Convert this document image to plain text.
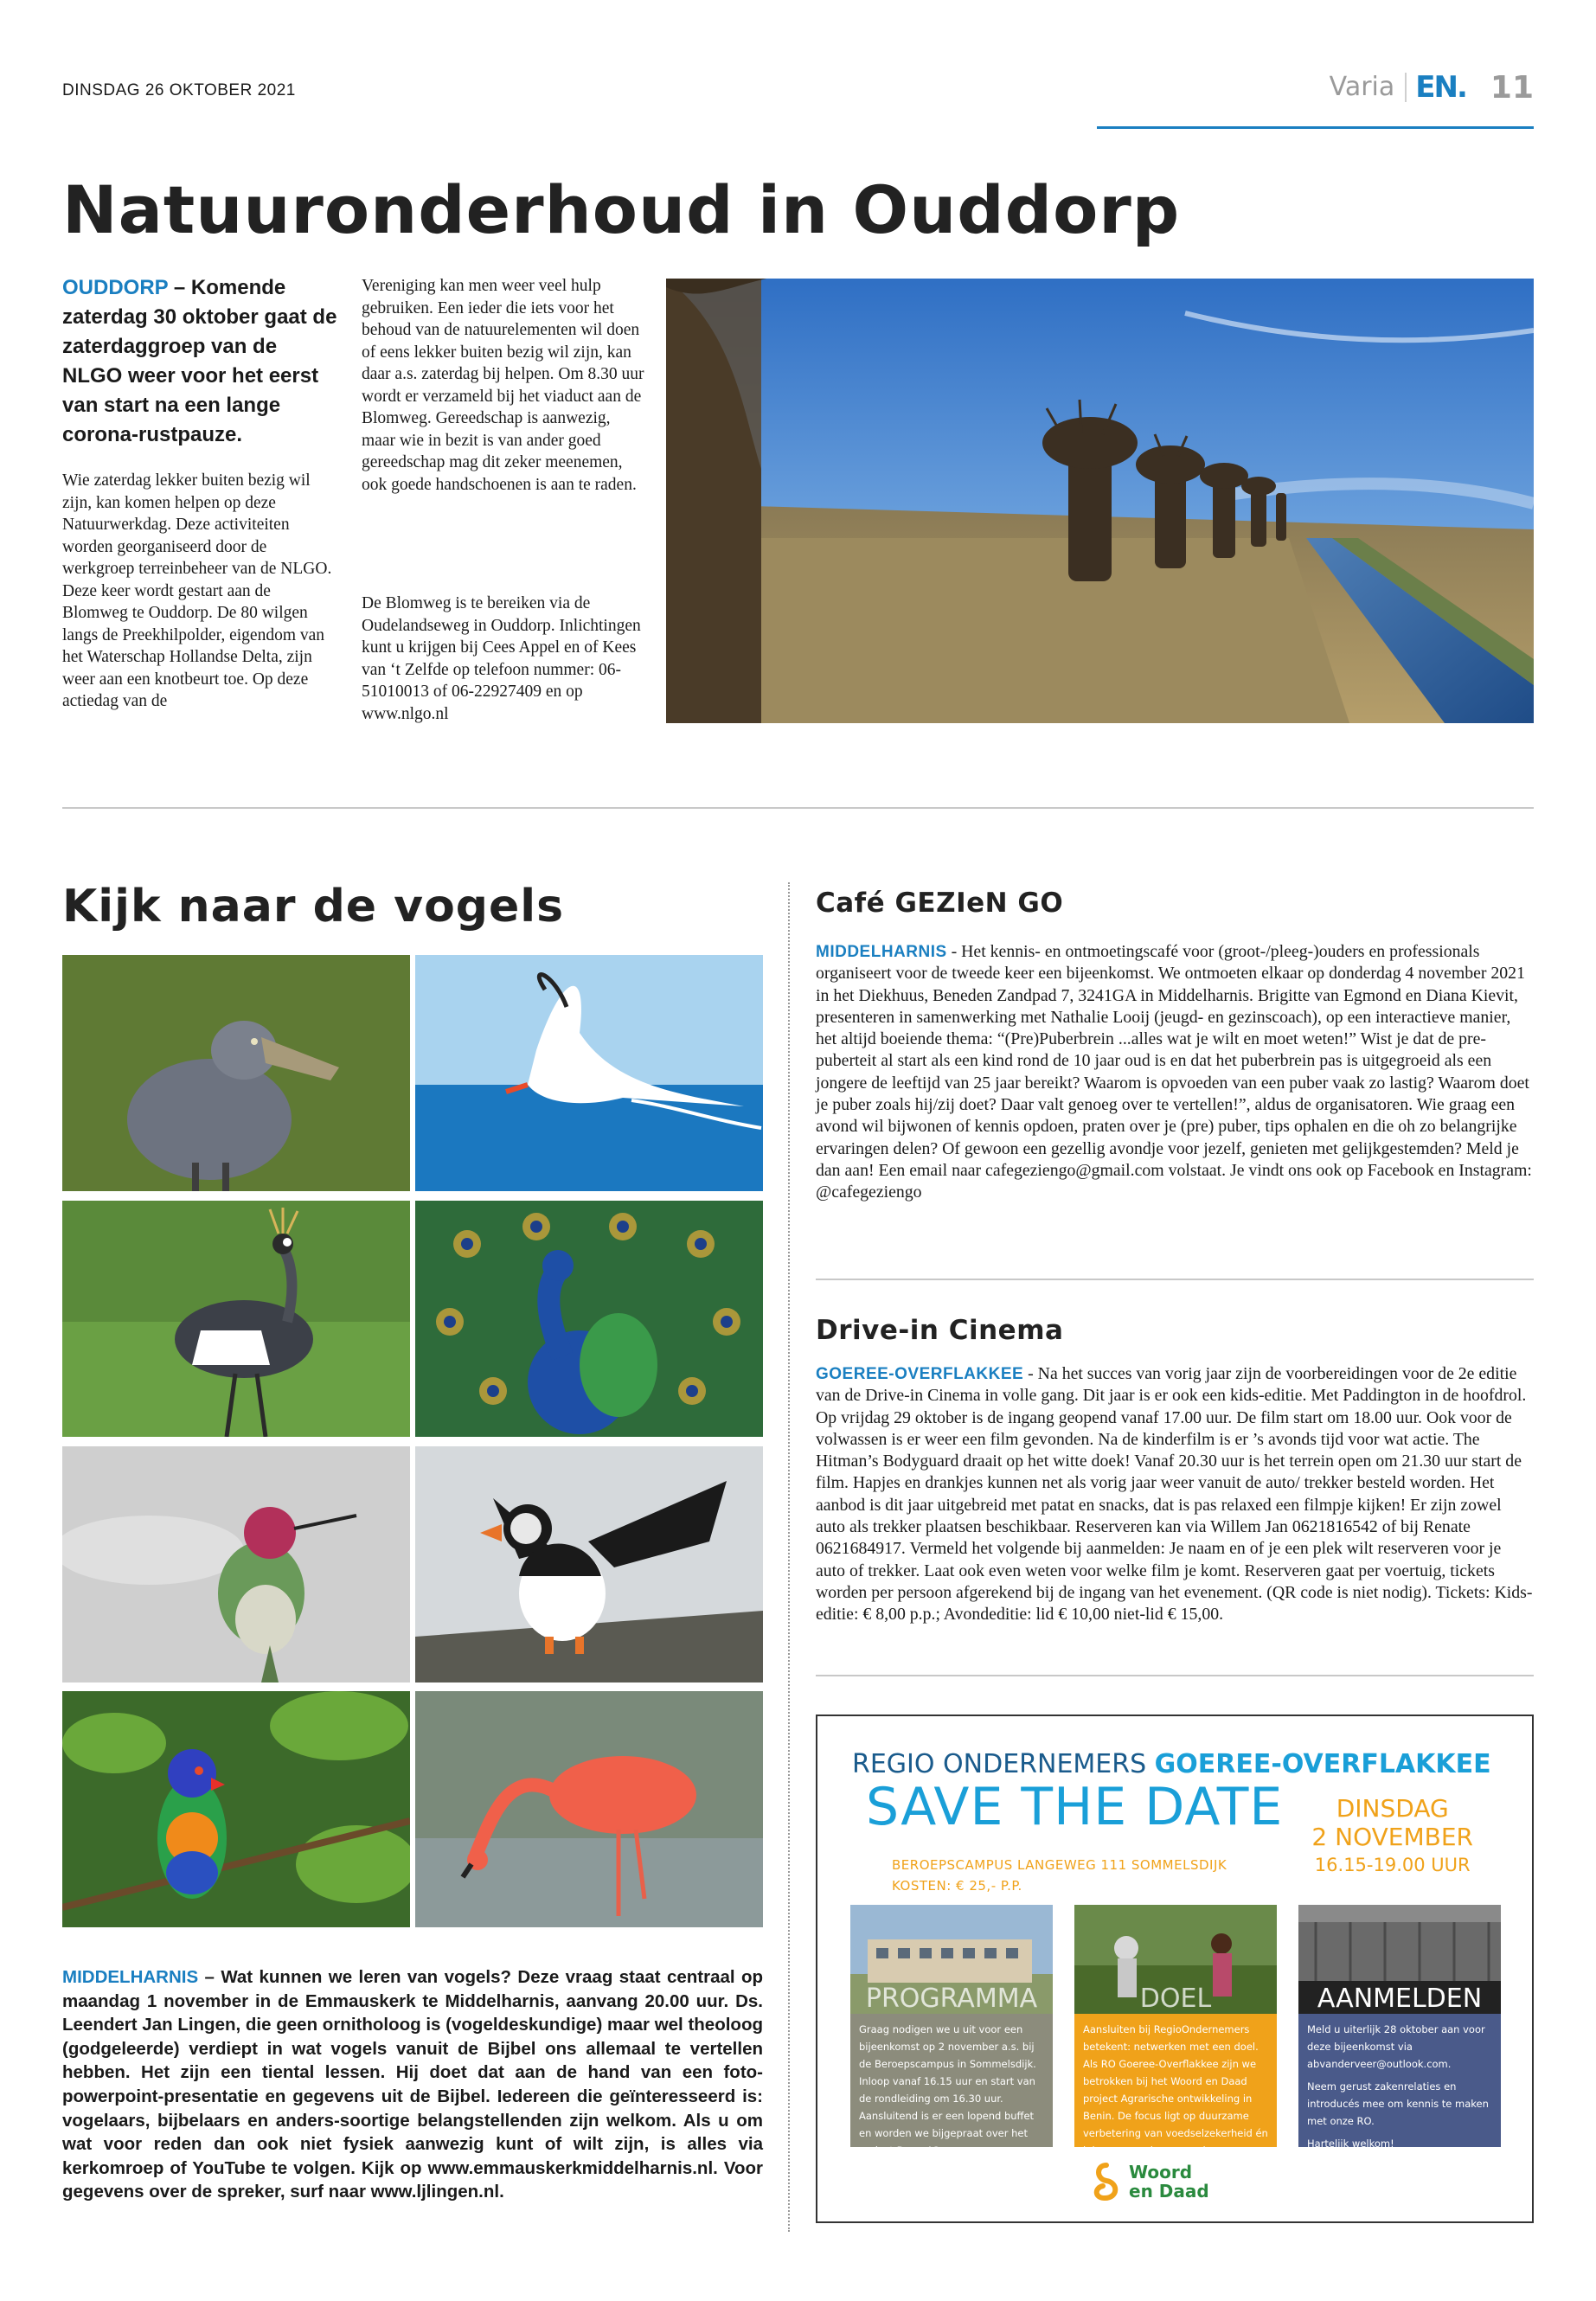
DINSDAG 26 OKTOBER 2021	Varia EN. 11
Natuuronderhoud in Ouddorp
OUDDORP – Komende zaterdag 30 oktober gaat de zaterdaggroep van de NLGO weer voor het eerst van start na een lange corona-rustpauze.

Wie zaterdag lekker buiten bezig wil zijn, kan komen helpen op deze Natuurwerkdag. Deze activiteiten worden georganiseerd door de werkgroep terreinbeheer van de NLGO. Deze keer wordt gestart aan de Blomweg te Ouddorp. De 80 wilgen langs de Preekhilpolder, eigendom van het Waterschap Hollandse Delta, zijn weer aan een knotbeurt toe. Op deze actiedag van de

Vereniging kan men weer veel hulp gebruiken. Een ieder die iets voor het behoud van de natuurelementen wil doen of eens lekker buiten bezig wil zijn, kan daar a.s. zaterdag bij helpen. Om 8.30 uur wordt er verzameld bij het viaduct aan de Blomweg. Gereedschap is aanwezig, maar wie in bezit is van ander goed gereedschap mag dit zeker meenemen, ook goede handschoenen is aan te raden.

De Blomweg is te bereiken via de Oudelandseweg in Ouddorp. Inlichtingen kunt u krijgen bij Cees Appel en of Kees van ‘t Zelfde op telefoon nummer: 06-51010013 of 06-22927409 en op www.nlgo.nl

Kijk naar de vogels
MIDDELHARNIS – Wat kunnen we leren van vogels? Deze vraag staat centraal op maandag 1 november in de Emmauskerk te Middelharnis, aanvang 20.00 uur. Ds. Leendert Jan Lingen, die geen ornitholoog is (vogeldeskundige) maar wel theoloog (godgeleerde) verdiept in wat vogels vanuit de Bijbel ons allemaal te vertellen hebben. Het zijn een tiental lessen. Hij doet dat aan de hand van een foto-powerpoint-presentatie en gegevens uit de Bijbel. Iedereen die geïnteresseerd is: vogelaars, bijbelaars en anders-soortige belangstellenden zijn welkom. Als u om wat voor reden dan ook niet fysiek aanwezig kunt of wilt zijn, is alles via kerkomroep of YouTube te volgen. Kijk op www.emmauskerkmiddelharnis.nl. Voor gegevens over de spreker, surf naar www.ljlingen.nl.
Café GEZIeN GO

MIDDELHARNIS - Het kennis- en ontmoetingscafé voor (groot-/pleeg-)ouders en professionals organiseert voor de tweede keer een bijeenkomst. We ontmoeten elkaar op donderdag 4 november 2021 in het Diekhuus, Beneden Zandpad 7, 3241GA in Middelharnis. Brigitte van Egmond en Diana Kievit, presenteren in samenwerking met Nathalie Looij (jeugd- en gezinscoach), op een interactieve manier, het altijd boeiende thema: “(Pre)Puberbrein ...alles wat je wilt en moet weten!” Wist je dat de pre-puberteit al start als een kind rond de 10 jaar oud is en dat het puberbrein pas is uitgegroeid als een jongere de leeftijd van 25 jaar bereikt? Waarom is opvoeden van een puber vaak zo lastig? Waarom doet je puber zoals hij/zij doet? Daar valt genoeg over te vertellen!”, aldus de organisatoren. Wie graag een avond wil bijwonen of kennis opdoen, praten over je (pre) puber, tips ophalen en die oh zo belangrijke ervaringen delen? Of gewoon een gezellig avondje voor jezelf, genieten met gelijkgestemden? Meld je dan aan! Een email naar cafegeziengo@gmail.com volstaat. Je vindt ons ook op Facebook en Instagram: @cafegeziengo

Drive-in Cinema

GOEREE-OVERFLAKKEE - Na het succes van vorig jaar zijn de voorbereidingen voor de 2e editie van de Drive-in Cinema in volle gang. Dit jaar is er ook een kids-editie. Met Paddington in de hoofdrol. Op vrijdag 29 oktober is de ingang geopend vanaf 17.00 uur. De film start om 18.00 uur. Ook voor de volwassen is er weer een film gevonden. Na de kinderfilm is er ’s avonds tijd voor wat actie. The Hitman’s Bodyguard draait op het witte doek! Vanaf 20.30 uur is het terrein open om 21.30 uur start de film. Hapjes en drankjes kunnen net als vorig jaar weer vanuit de auto/ trekker besteld worden. Het aanbod is dit jaar uitgebreid met patat en snacks, dat is pas relaxed een filmpje kijken! Er zijn zowel auto als trekker plaatsen beschikbaar. Reserveren kan via Willem Jan 0621816542 of bij Renate 0621684917. Vermeld het volgende bij aanmelden: Je naam en of je een plek wilt reserveren voor je auto of trekker. Laat ook even weten voor welke film je komt. Reserveren gaat per voertuig, tickets worden per persoon afgerekend bij de ingang van het evenement. (QR code is niet nodig). Tickets: Kids-editie: € 8,00 p.p.; Avondeditie: lid € 10,00 niet-lid € 15,00.

REGIO ONDERNEMERS GOEREE-OVERFLAKKEE
SAVE THE DATE	DINSDAG
2 NOVEMBER
16.15-19.00 UUR
BEROEPSCAMPUS LANGEWEG 111 SOMMELSDIJK
KOSTEN: € 25,- P.P.
PROGRAMMA
Graag nodigen we u uit voor een bijeenkomst op 2 november a.s. bij de Beroepscampus in Sommelsdijk. Inloop vanaf 16.15 uur en start van de rondleiding om 16.30 uur. Aansluitend is er een lopend buffet en worden we bijgepraat over het project Drops4Crops.
DOEL
Aansluiten bij RegioOndernemers betekent: netwerken met een doel. Als RO Goeree-Overflakkee zijn we betrokken bij het Woord en Daad project Agrarische ontwikkeling in Benin. De focus ligt op duurzame verbetering van voedselzekerheid én inkomen van boerengezinnen.
AANMELDEN
Meld u uiterlijk 28 oktober aan voor deze bijeenkomst via abvanderveer@outlook.com.
Neem gerust zakenrelaties en introducés mee om kennis te maken met onze RO.
Hartelijk welkom!
Woord
en Daad
